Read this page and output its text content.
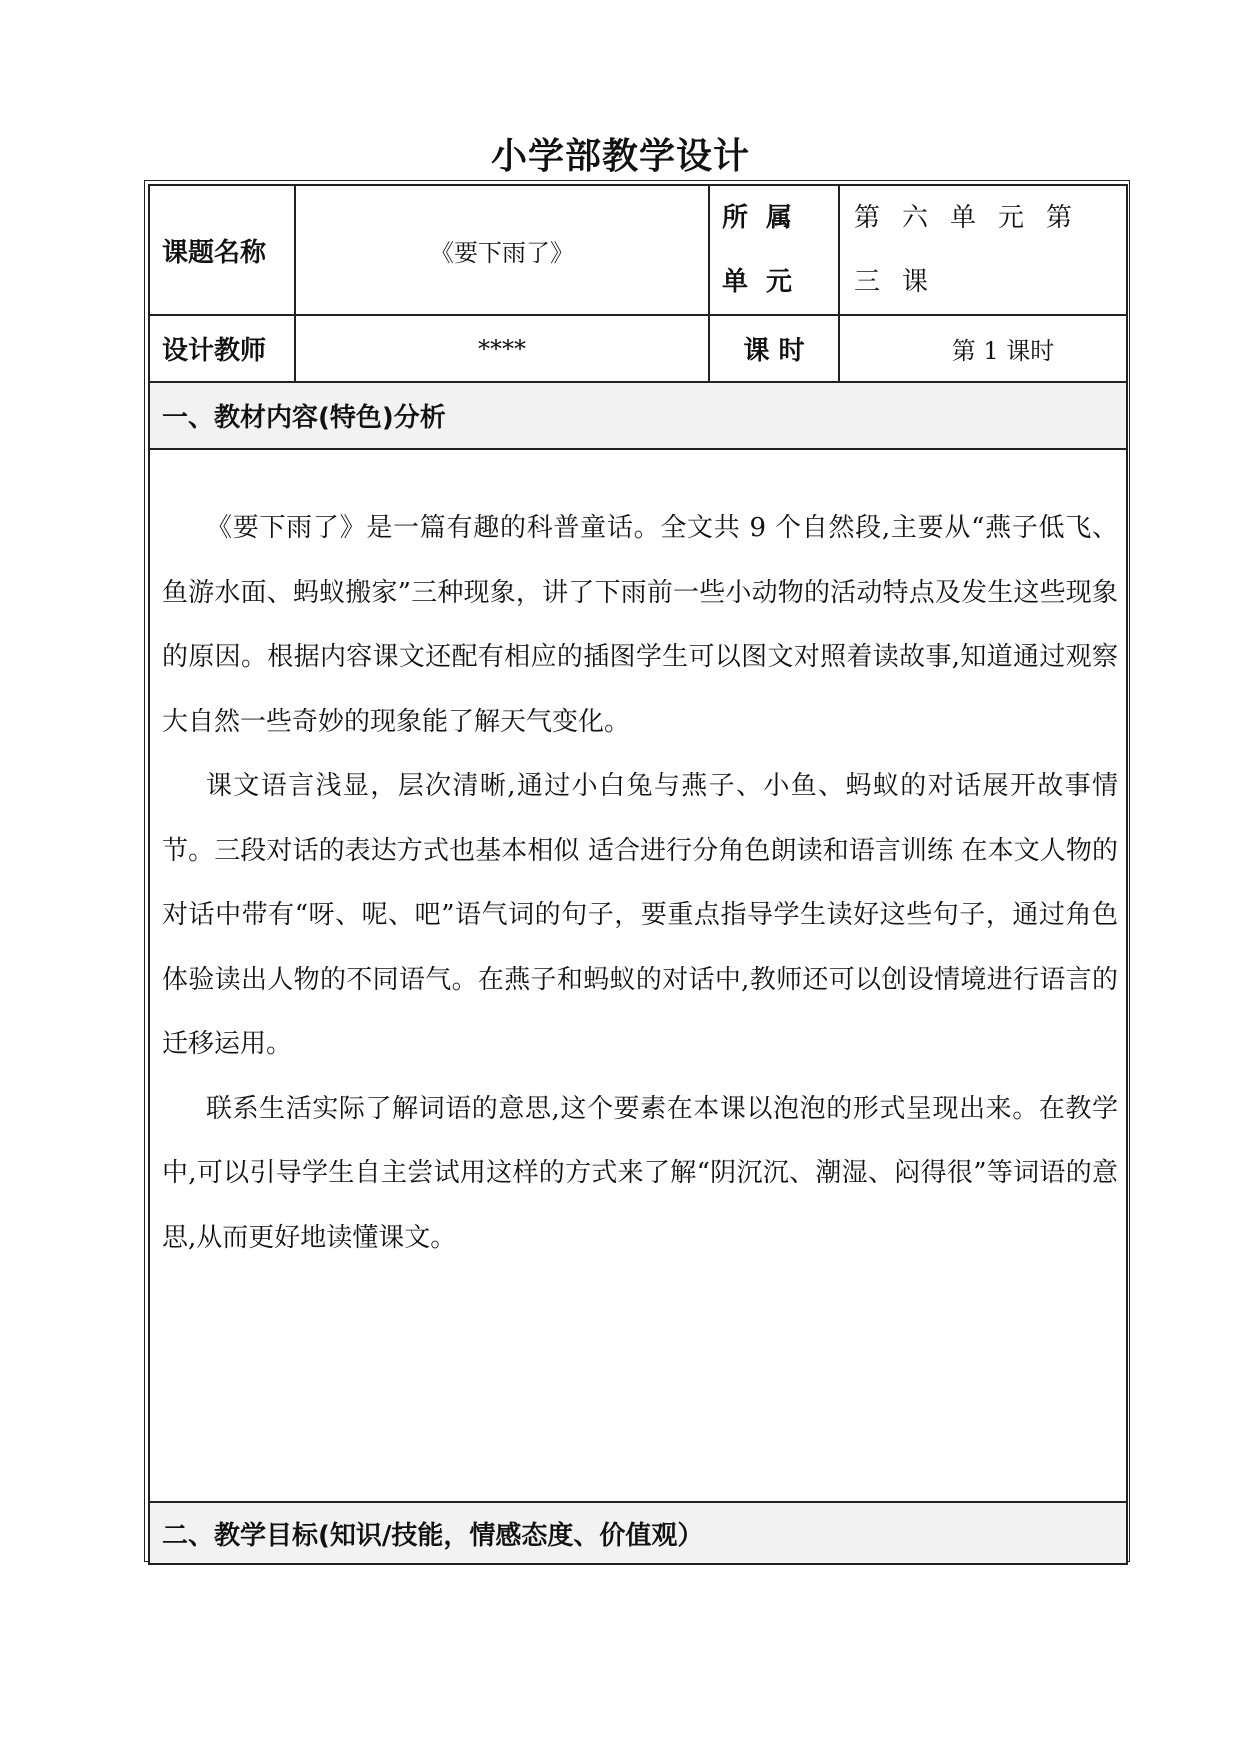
小学部教学设计
课题名称	《要下雨了》	所属单元	第六单元第三课
设计教师	****	课 时	第 1 课时
一、教材内容(特色)分析			

《要下雨了》是一篇有趣的科普童话。全文共 9 个自然段,主要从“燕子低飞、鱼游水面、蚂蚁搬家”三种现象，讲了下雨前一些小动物的活动特点及发生这些现象的原因。根据内容课文还配有相应的插图学生可以图文对照着读故事,知道通过观察大自然一些奇妙的现象能了解天气变化。

课文语言浅显，层次清晰,通过小白兔与燕子、小鱼、蚂蚁的对话展开故事情节。三段对话的表达方式也基本相似 适合进行分角色朗读和语言训练 在本文人物的对话中带有“呀、呢、吧”语气词的句子，要重点指导学生读好这些句子，通过角色体验读出人物的不同语气。在燕子和蚂蚁的对话中,教师还可以创设情境进行语言的迁移运用。

联系生活实际了解词语的意思,这个要素在本课以泡泡的形式呈现出来。在教学中,可以引导学生自主尝试用这样的方式来了解“阴沉沉、潮湿、闷得很”等词语的意思,从而更好地读懂课文。			

二、教学目标(知识/技能，情感态度、价值观）			
